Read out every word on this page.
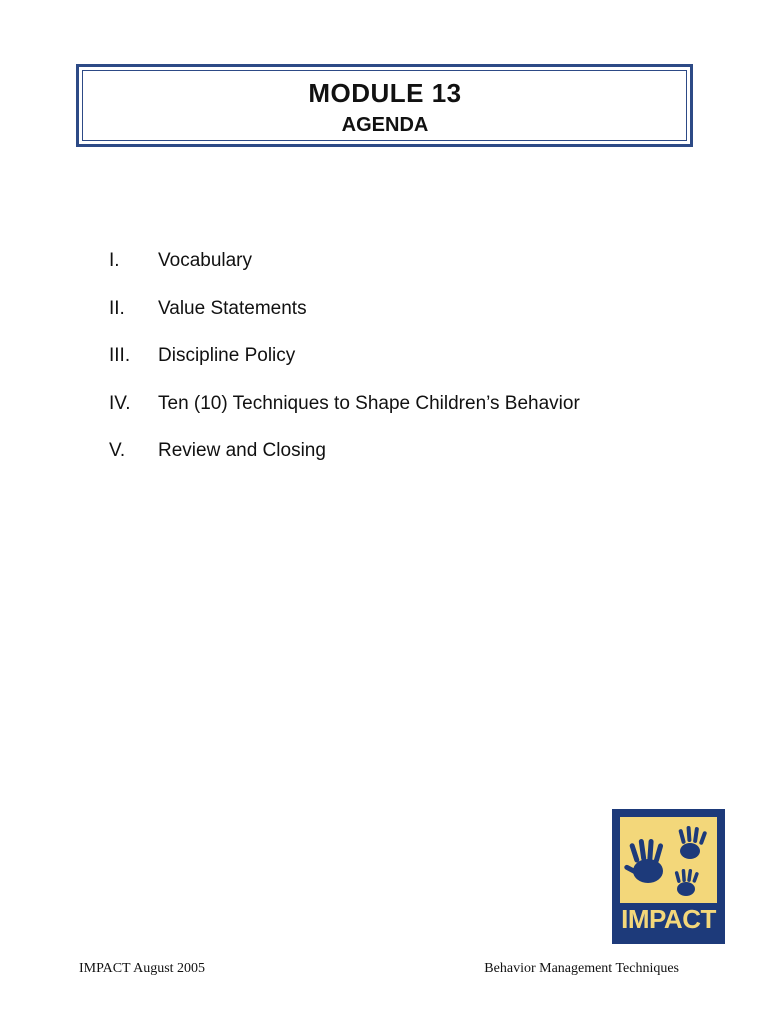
MODULE 13
AGENDA
I.	Vocabulary
II.	Value Statements
III.	Discipline Policy
IV.	Ten (10) Techniques to Shape Children’s Behavior
V.	Review and Closing
IMPACT
IMPACT August 2005	Behavior Management Techniques
